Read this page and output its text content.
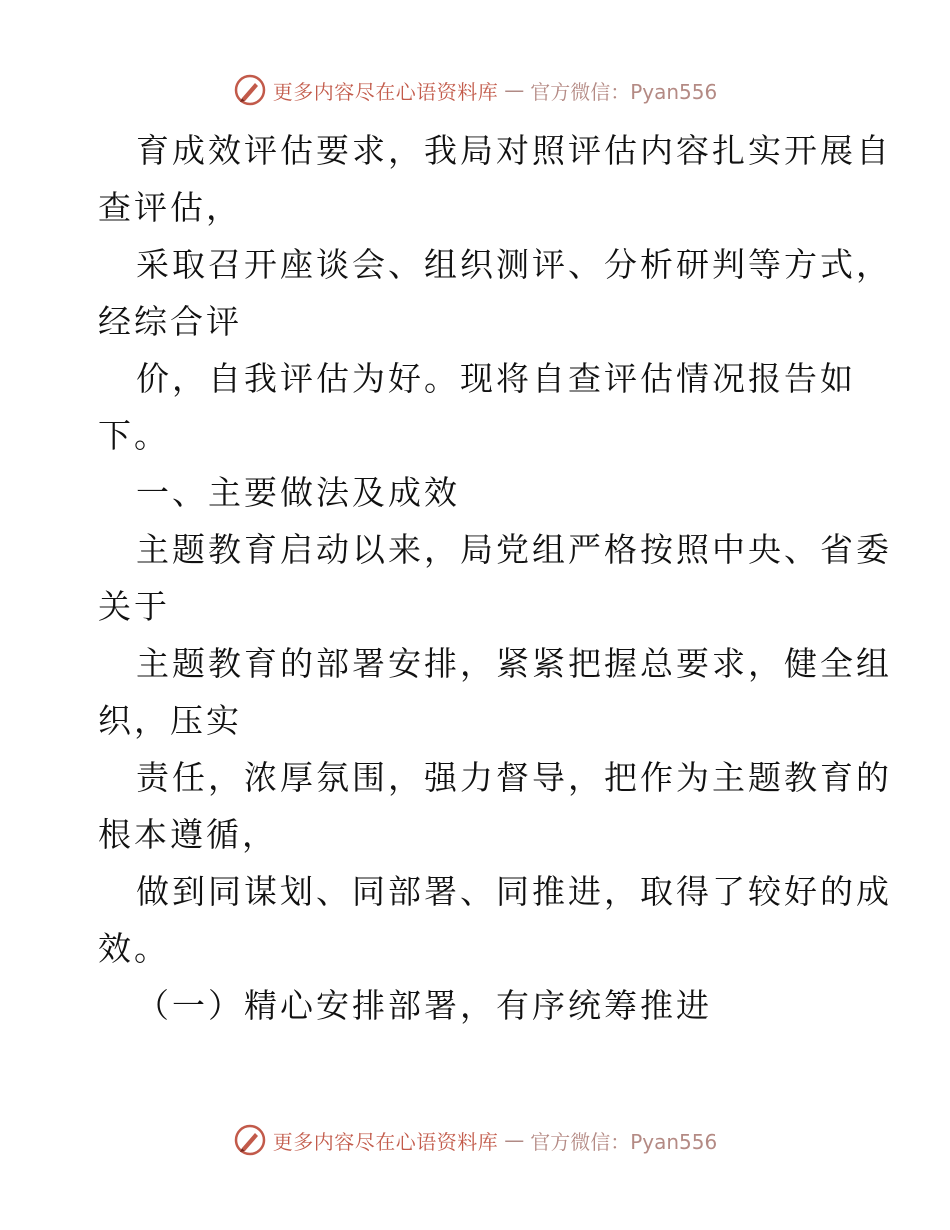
更多内容尽在心语资料库 — 官方微信：Pyan556
育成效评估要求，我局对照评估内容扎实开展自
查评估，
采取召开座谈会、组织测评、分析研判等方式，
经综合评
价，自我评估为好。现将自查评估情况报告如
下。
一、主要做法及成效
主题教育启动以来，局党组严格按照中央、省委
关于
主题教育的部署安排，紧紧把握总要求，健全组
织，压实
责任，浓厚氛围，强力督导，把作为主题教育的
根本遵循，
做到同谋划、同部署、同推进，取得了较好的成
效。
（一）精心安排部署，有序统筹推进
更多内容尽在心语资料库 — 官方微信：Pyan556
